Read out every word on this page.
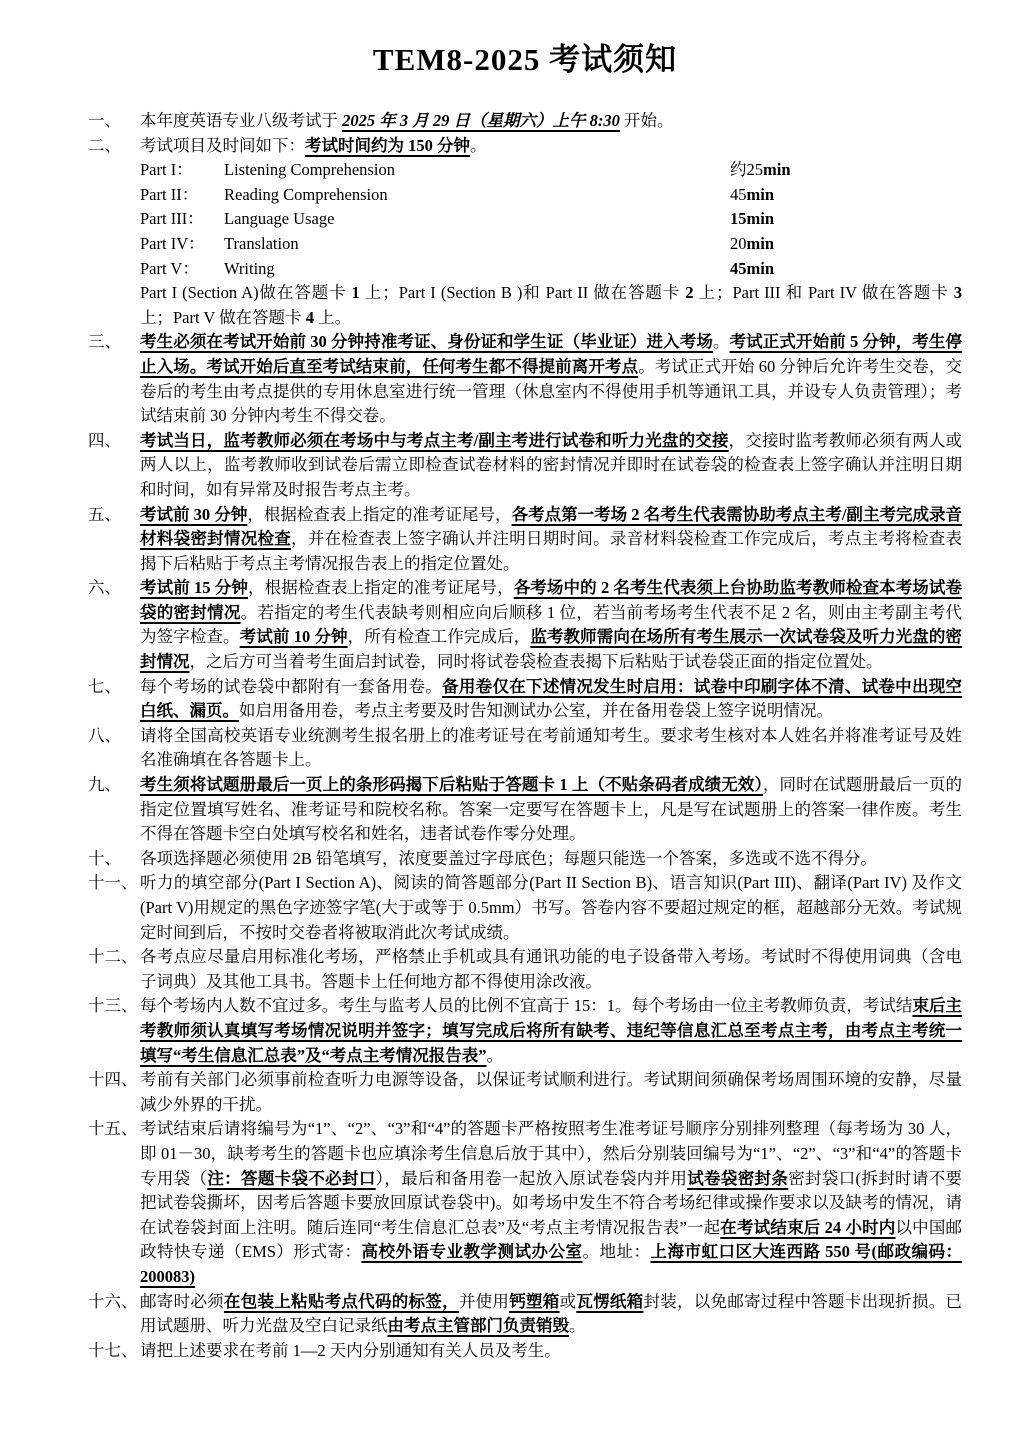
TEM8-2025 考试须知
一、	本年度英语专业八级考试于 2025 年 3 月 29 日（星期六）上午 8:30 开始。
二、	考试项目及时间如下：考试时间约为 150 分钟。
Part I：	Listening Comprehension	约25min
Part II：	Reading Comprehension	45min
Part III：	Language Usage	15min
Part IV：	Translation	20min
Part V：	Writing	45min
Part I (Section A)做在答题卡 1 上；Part I (Section B )和 Part II 做在答题卡 2 上；Part III 和 Part IV 做在答题卡 3 上；Part V 做在答题卡 4 上。
三、	考生必须在考试开始前 30 分钟持准考证、身份证和学生证（毕业证）进入考场。考试正式开始前 5 分钟，考生停止入场。考试开始后直至考试结束前，任何考生都不得提前离开考点。考试正式开始 60 分钟后允许考生交卷，交卷后的考生由考点提供的专用休息室进行统一管理（休息室内不得使用手机等通讯工具，并设专人负责管理）；考试结束前 30 分钟内考生不得交卷。
四、	考试当日，监考教师必须在考场中与考点主考/副主考进行试卷和听力光盘的交接，交接时监考教师必须有两人或两人以上，监考教师收到试卷后需立即检查试卷材料的密封情况并即时在试卷袋的检查表上签字确认并注明日期和时间，如有异常及时报告考点主考。
五、	考试前 30 分钟，根据检查表上指定的准考证尾号，各考点第一考场 2 名考生代表需协助考点主考/副主考完成录音材料袋密封情况检查，并在检查表上签字确认并注明日期时间。录音材料袋检查工作完成后，考点主考将检查表揭下后粘贴于考点主考情况报告表上的指定位置处。
六、	考试前 15 分钟，根据检查表上指定的准考证尾号，各考场中的 2 名考生代表须上台协助监考教师检查本考场试卷袋的密封情况。若指定的考生代表缺考则相应向后顺移 1 位，若当前考场考生代表不足 2 名，则由主考副主考代为签字检查。考试前 10 分钟，所有检查工作完成后，监考教师需向在场所有考生展示一次试卷袋及听力光盘的密封情况，之后方可当着考生面启封试卷，同时将试卷袋检查表揭下后粘贴于试卷袋正面的指定位置处。
七、	每个考场的试卷袋中都附有一套备用卷。备用卷仅在下述情况发生时启用：试卷中印刷字体不清、试卷中出现空白纸、漏页。如启用备用卷，考点主考要及时告知测试办公室，并在备用卷袋上签字说明情况。
八、	请将全国高校英语专业统测考生报名册上的准考证号在考前通知考生。要求考生核对本人姓名并将准考证号及姓名准确填在各答题卡上。
九、	考生须将试题册最后一页上的条形码揭下后粘贴于答题卡 1 上（不贴条码者成绩无效），同时在试题册最后一页的指定位置填写姓名、准考证号和院校名称。答案一定要写在答题卡上，凡是写在试题册上的答案一律作废。考生不得在答题卡空白处填写校名和姓名，违者试卷作零分处理。
十、	各项选择题必须使用 2B 铅笔填写，浓度要盖过字母底色；每题只能选一个答案，多选或不选不得分。
十一、 听力的填空部分(Part I Section A)、阅读的简答题部分(Part II Section B)、语言知识(Part III)、翻译(Part IV) 及作文(Part V)用规定的黑色字迹签字笔(大于或等于 0.5mm）书写。答卷内容不要超过规定的框，超越部分无效。考试规定时间到后，不按时交卷者将被取消此次考试成绩。
十二、 各考点应尽量启用标准化考场，严格禁止手机或具有通讯功能的电子设备带入考场。考试时不得使用词典（含电子词典）及其他工具书。答题卡上任何地方都不得使用涂改液。
十三、 每个考场内人数不宜过多。考生与监考人员的比例不宜高于 15：1。每个考场由一位主考教师负责，考试结束后主考教师须认真填写考场情况说明并签字；填写完成后将所有缺考、违纪等信息汇总至考点主考，由考点主考统一填写“考生信息汇总表”及“考点主考情况报告表”。
十四、 考前有关部门必须事前检查听力电源等设备，以保证考试顺利进行。考试期间须确保考场周围环境的安静，尽量减少外界的干扰。
十五、 考试结束后请将编号为“1”、“2”、“3”和“4”的答题卡严格按照考生准考证号顺序分别排列整理（每考场为 30 人，即 01－30，缺考考生的答题卡也应填涂考生信息后放于其中），然后分别装回编号为“1”、“2”、“3”和“4”的答题卡专用袋（注：答题卡袋不必封口），最后和备用卷一起放入原试卷袋内并用试卷袋密封条密封袋口(拆封时请不要把试卷袋撕坏，因考后答题卡要放回原试卷袋中)。如考场中发生不符合考场纪律或操作要求以及缺考的情况，请在试卷袋封面上注明。随后连同“考生信息汇总表”及“考点主考情况报告表”一起在考试结束后 24 小时内以中国邮政特快专递（EMS）形式寄：高校外语专业教学测试办公室。地址：上海市虹口区大连西路 550 号(邮政编码：200083)
十六、 邮寄时必须在包装上粘贴考点代码的标签，并使用钙塑箱或瓦愣纸箱封装，以免邮寄过程中答题卡出现折损。已用试题册、听力光盘及空白记录纸由考点主管部门负责销毁。
十七、 请把上述要求在考前 1—2 天内分别通知有关人员及考生。
